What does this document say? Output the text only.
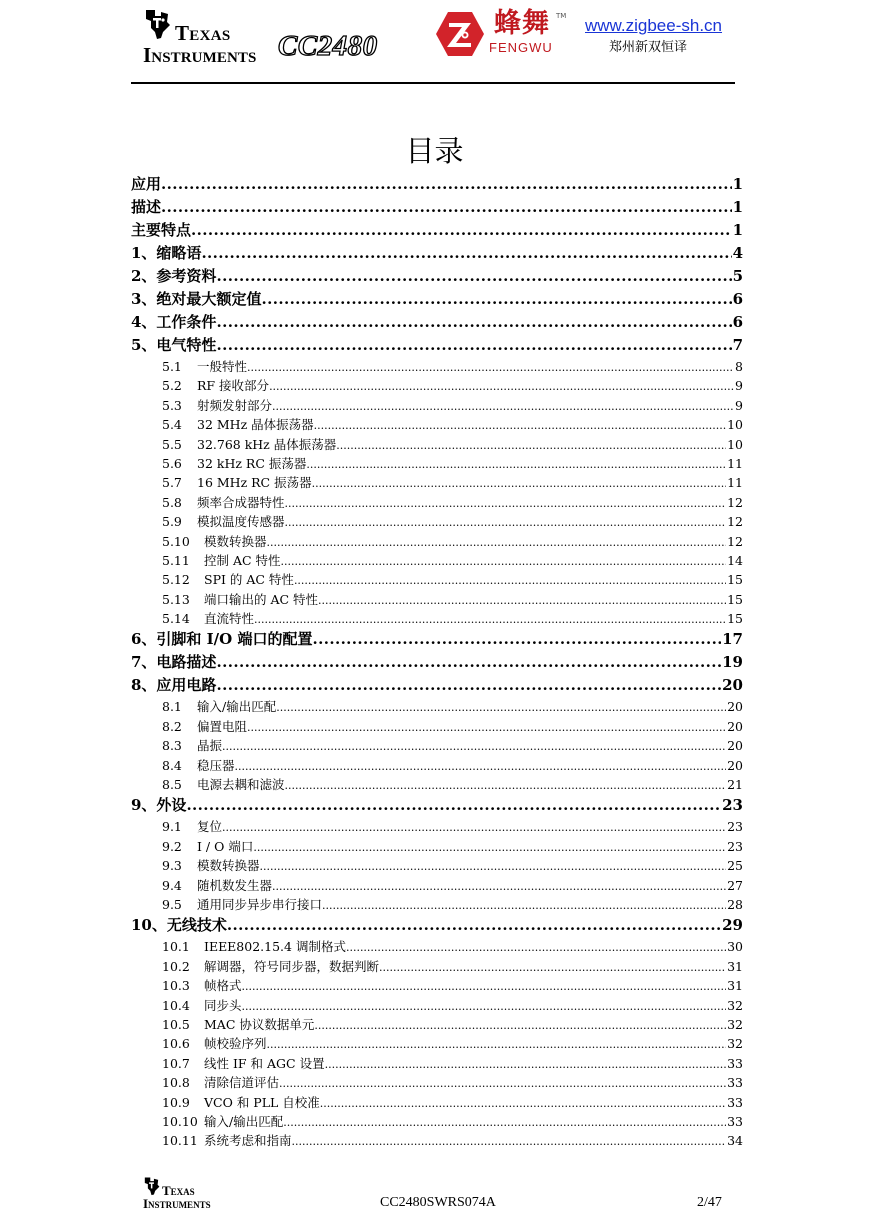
Texas
Instruments CC2480
蜂舞 TM
FENGWU
www.zigbee-sh.cn
郑州新双恒译
目录
应用 .....	1
描述 .....	1
主要特点 .....	1
1、缩略语 .....	4
2、参考资料 .....	5
3、绝对最大额定值 .....	6
4、工作条件 .....	6
5、电气特性 .....	7
5.1 一般特性 .....	8
5.2 RF 接收部分 .....	9
5.3 射频发射部分 .....	9
5.4 32 MHz 晶体振荡器 .....	10
5.5 32.768 kHz 晶体振荡器 .....	10
5.6 32 kHz RC 振荡器 .....	11
5.7 16 MHz RC 振荡器 .....	11
5.8 频率合成器特性 .....	12
5.9 模拟温度传感器 .....	12
5.10 模数转换器 .....	12
5.11 控制 AC 特性 .....	14
5.12 SPI 的 AC 特性 .....	15
5.13 端口输出的 AC 特性 .....	15
5.14 直流特性 .....	15
6、引脚和 I/O 端口的配置 .....	17
7、电路描述 .....	19
8、应用电路 .....	20
8.1 输入/输出匹配 .....	20
8.2 偏置电阻 .....	20
8.3 晶振 .....	20
8.4 稳压器 .....	20
8.5 电源去耦和滤波 .....	21
9、外设 .....	23
9.1 复位 .....	23
9.2 I / O 端口 .....	23
9.3 模数转换器 .....	25
9.4 随机数发生器 .....	27
9.5 通用同步异步串行接口 .....	28
10、无线技术 .....	29
10.1 IEEE802.15.4 调制格式 .....	30
10.2 解调器，符号同步器，数据判断 .....	31
10.3 帧格式 .....	31
10.4 同步头 .....	32
10.5 MAC 协议数据单元 .....	32
10.6 帧校验序列 .....	32
10.7 线性 IF 和 AGC 设置 .....	33
10.8 清除信道评估 .....	33
10.9 VCO 和 PLL 自校准 .....	33
10.10 输入/输出匹配 .....	33
10.11 系统考虑和指南 .....	34
Texas
Instruments	CC2480SWRS074A	2/47
